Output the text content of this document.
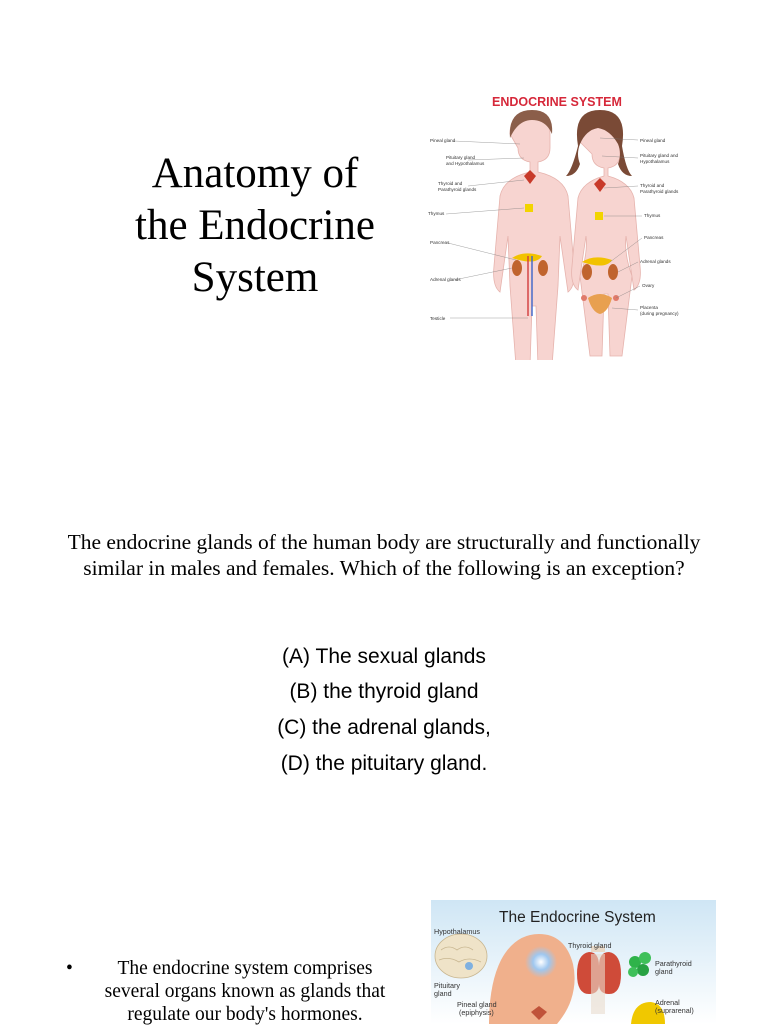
Anatomy of
the Endocrine
System
ENDOCRINE SYSTEM
Pineal gland
Pituitary gland
and Hypothalamus
Thyroid and
Parathyroid glands
Thymus
Pancreas
Adrenal glands
Testicle
Pineal gland
Pituitary gland and
Hypothalamus
Thyroid and
Parathyroid glands
Thymus
Pancreas
Adrenal glands
Ovary
Placenta
(during pregnancy)
The endocrine glands of the human body are structurally and functionally similar in males and females. Which of the following is an exception?
(A) The sexual glands
(B) the thyroid gland
(C) the adrenal glands,
(D) the pituitary gland.
•	The endocrine system comprises several organs known as glands that regulate our body's hormones.
The Endocrine System
Hypothalamus
Pituitary
gland
Pineal gland
(epiphysis)
Thyroid gland
Parathyroid
gland
Adrenal
(suprarenal)
